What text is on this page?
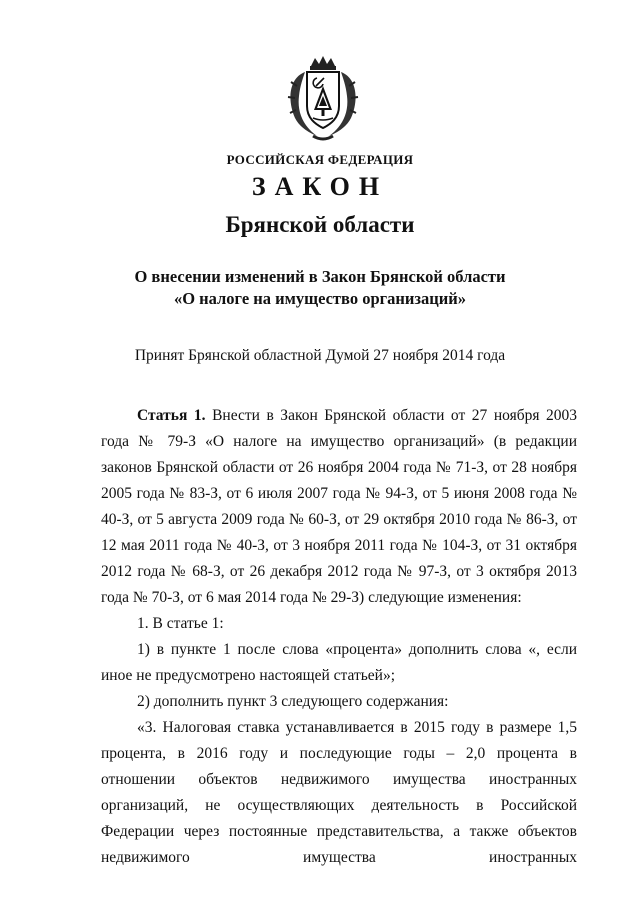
РОССИЙСКАЯ ФЕДЕРАЦИЯ
ЗАКОН
Брянской области
О внесении изменений в Закон Брянской области
«О налоге на имущество организаций»
Принят Брянской областной Думой 27 ноября 2014 года

Статья 1. Внести в Закон Брянской области от 27 ноября 2003 года № 79-З «О налоге на имущество организаций» (в редакции законов Брянской области от 26 ноября 2004 года № 71-З, от 28 ноября 2005 года № 83-З, от 6 июля 2007 года № 94-З, от 5 июня 2008 года № 40-З, от 5 августа 2009 года № 60-З, от 29 октября 2010 года № 86-З, от 12 мая 2011 года № 40-З, от 3 ноября 2011 года № 104-З, от 31 октября 2012 года № 68-З, от 26 декабря 2012 года № 97-З, от 3 октября 2013 года № 70-З, от 6 мая 2014 года № 29-З) следующие изменения:

1. В статье 1:

1) в пункте 1 после слова «процента» дополнить слова «, если иное не предусмотрено настоящей статьей»;

2) дополнить пункт 3 следующего содержания:

«3. Налоговая ставка устанавливается в 2015 году в размере 1,5 процента, в 2016 году и последующие годы – 2,0 процента в отношении объектов недвижимого имущества иностранных организаций, не осуществляющих деятельность в Российской Федерации через постоянные представительства, а также объектов недвижимого имущества иностранных
